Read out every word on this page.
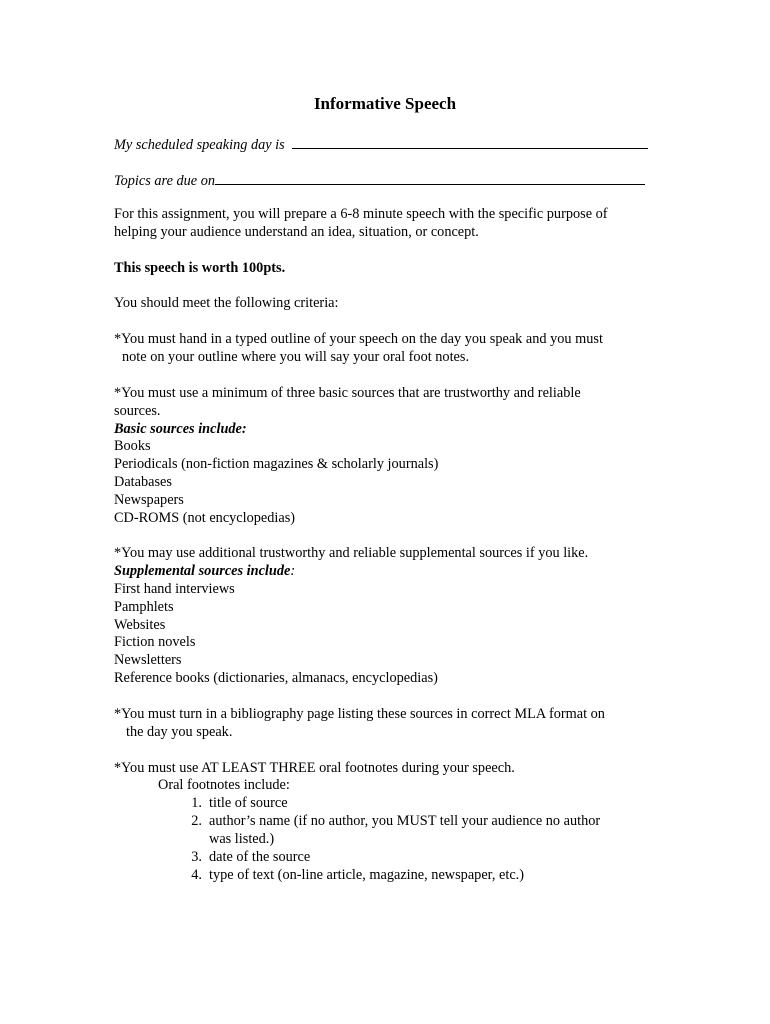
Informative Speech
My scheduled speaking day is
Topics are due on
For this assignment, you will prepare a 6-8 minute speech with the specific purpose of
helping your audience understand an idea, situation, or concept.
This speech is worth 100pts.
You should meet the following criteria:
*You must hand in a typed outline of your speech on the day you speak and you must
note on your outline where you will say your oral foot notes.
*You must use a minimum of three basic sources that are trustworthy and reliable
sources.
Basic sources include:
Books
Periodicals (non-fiction magazines & scholarly journals)
Databases
Newspapers
CD-ROMS (not encyclopedias)
*You may use additional trustworthy and reliable supplemental sources if you like.
Supplemental sources include:
First hand interviews
Pamphlets
Websites
Fiction novels
Newsletters
Reference books (dictionaries, almanacs, encyclopedias)
*You must turn in a bibliography page listing these sources in correct MLA format on
the day you speak.
*You must use AT LEAST THREE oral footnotes during your speech.
Oral footnotes include:
1. title of source
2. author’s name (if no author, you MUST tell your audience no author
was listed.)
3. date of the source
4. type of text (on-line article, magazine, newspaper, etc.)
